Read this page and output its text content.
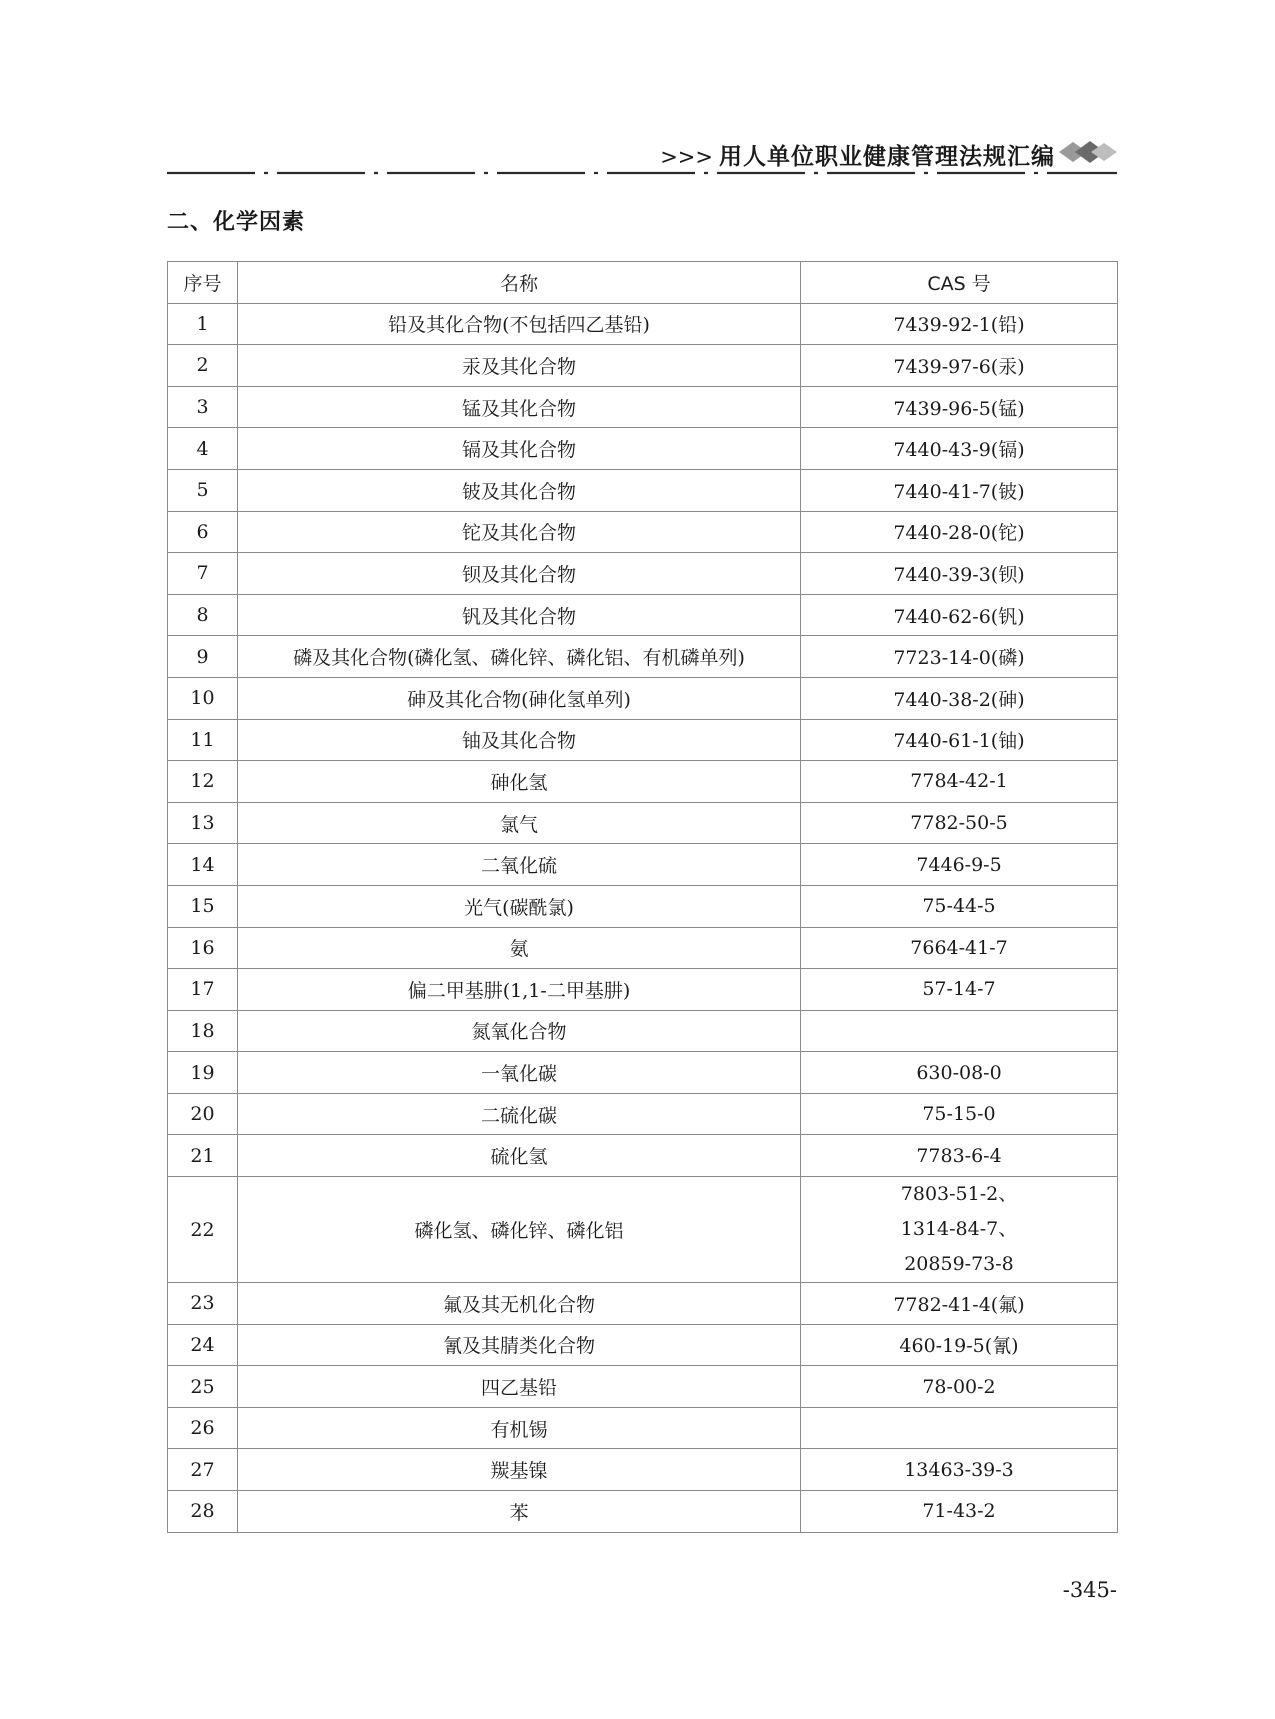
>>> 用人单位职业健康管理法规汇编
二、化学因素
序号	名称	CAS 号
1	铅及其化合物(不包括四乙基铅)	7439-92-1(铅)

2	汞及其化合物	7439-97-6(汞)

3	锰及其化合物	7439-96-5(锰)

4	镉及其化合物	7440-43-9(镉)

5	铍及其化合物	7440-41-7(铍)

6	铊及其化合物	7440-28-0(铊)

7	钡及其化合物	7440-39-3(钡)

8	钒及其化合物	7440-62-6(钒)

9	磷及其化合物(磷化氢、磷化锌、磷化铝、有机磷单列)	7723-14-0(磷)

10	砷及其化合物(砷化氢单列)	7440-38-2(砷)

11	铀及其化合物	7440-61-1(铀)

12	砷化氢	7784-42-1

13	氯气	7782-50-5

14	二氧化硫	7446-9-5

15	光气(碳酰氯)	75-44-5

16	氨	7664-41-7

17	偏二甲基肼(1,1-二甲基肼)	57-14-7

18	氮氧化合物	
19	一氧化碳	630-08-0

20	二硫化碳	75-15-0

21	硫化氢	7783-6-4

22	磷化氢、磷化锌、磷化铝	7803-51-2、
1314-84-7、
20859-73-8

23	氟及其无机化合物	7782-41-4(氟)

24	氰及其腈类化合物	460-19-5(氰)

25	四乙基铅	78-00-2

26	有机锡	
27	羰基镍	13463-39-3

28	苯	71-43-2
-345-
